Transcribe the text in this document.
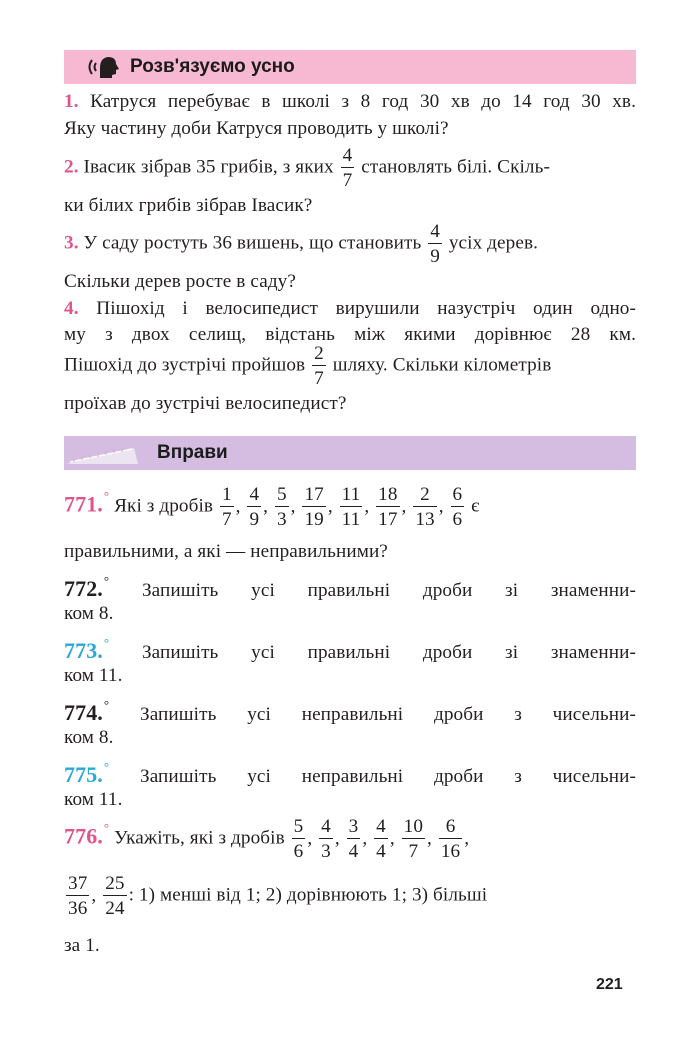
Розв'язуємо усно
1. Катруся перебуває в школі з 8 год 30 хв до 14 год 30 хв.
Яку частину доби Катруся проводить у школі?
2. Івасик зібрав 35 грибів, з яких $\frac{4}{7}$ становлять білі. Скіль-
ки білих грибів зібрав Івасик?
3. У саду ростуть 36 вишень, що становить $\frac{4}{9}$ усіх дерев.
Скільки дерев росте в саду?
4. Пішохід і велосипедист вирушили назустріч один одно-
му з двох селищ, відстань між якими дорівнює 28 км.
Пішохід до зустрічі пройшов $\frac{2}{7}$ шляху. Скільки кілометрів
проїхав до зустрічі велосипедист?
Вправи
771.° Які з дробів $\frac{1}{7}$ , $\frac{4}{9}$ , $\frac{5}{3}$ , $\frac{17}{19}$ , $\frac{11}{11}$ , $\frac{18}{17}$ , $\frac{2}{13}$ , $\frac{6}{6}$ є
правильними, а які — неправильними?
772.° Запишіть усі правильні дроби зі знаменни-
ком 8.
773.° Запишіть усі правильні дроби зі знаменни-
ком 11.
774.° Запишіть усі неправильні дроби з чисельни-
ком 8.
775.° Запишіть усі неправильні дроби з чисельни-
ком 11.
776.° Укажіть, які з дробів $\frac{5}{6}$ , $\frac{4}{3}$ , $\frac{3}{4}$ , $\frac{4}{4}$ , $\frac{10}{7}$ , $\frac{6}{16}$ ,
$\frac{37}{36}$ , $\frac{25}{24}$ : 1) менші від 1; 2) дорівнюють 1; 3) більші
за 1.
221
